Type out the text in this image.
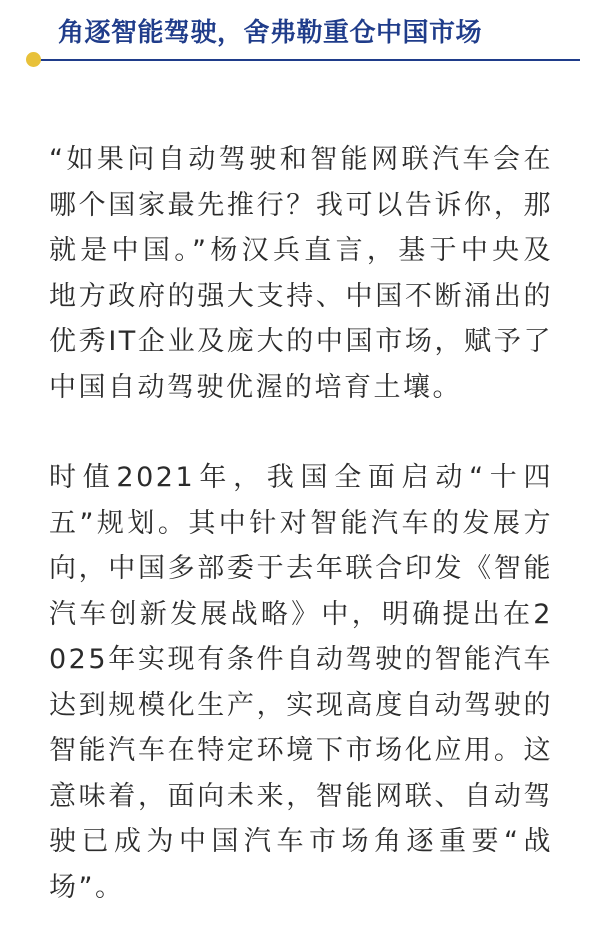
角逐智能驾驶，舍弗勒重仓中国市场

“如果问自动驾驶和智能网联汽车会在哪个国家最先推行？我可以告诉你，那就是中国。”杨汉兵直言，基于中央及地方政府的强大支持、中国不断涌出的优秀IT企业及庞大的中国市场，赋予了中国自动驾驶优渥的培育土壤。

时值2021年，我国全面启动“十四五”规划。其中针对智能汽车的发展方向，中国多部委于去年联合印发《智能汽车创新发展战略》中，明确提出在2025年实现有条件自动驾驶的智能汽车达到规模化生产，实现高度自动驾驶的智能汽车在特定环境下市场化应用。这意味着，面向未来，智能网联、自动驾驶已成为中国汽车市场角逐重要“战场”。
